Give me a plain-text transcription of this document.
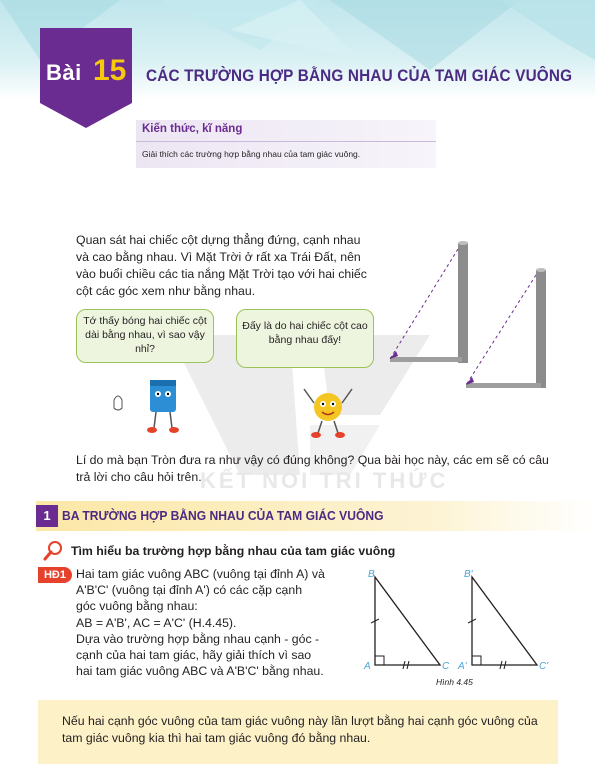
Bài 15 CÁC TRƯỜNG HỢP BẰNG NHAU CỦA TAM GIÁC VUÔNG
Kiến thức, kĩ năng
Giải thích các trường hợp bằng nhau của tam giác vuông.
KẾT NỐI TRI THỨC
Quan sát hai chiếc cột dựng thẳng đứng, cạnh nhau và cao bằng nhau. Vì Mặt Trời ở rất xa Trái Đất, nên vào buổi chiều các tia nắng Mặt Trời tạo với hai chiếc cột các góc xem như bằng nhau.
Tớ thấy bóng hai chiếc cột dài bằng nhau, vì sao vậy nhỉ?
Đấy là do hai chiếc cột cao bằng nhau đấy!
Lí do mà bạn Tròn đưa ra như vậy có đúng không? Qua bài học này, các em sẽ có câu trả lời cho câu hỏi trên.
1 BA TRƯỜNG HỢP BẰNG NHAU CỦA TAM GIÁC VUÔNG
Tìm hiểu ba trường hợp bằng nhau của tam giác vuông
HĐ1 Hai tam giác vuông ABC (vuông tại đỉnh A) và
A'B'C' (vuông tại đỉnh A') có các cặp cạnh
góc vuông bằng nhau:
AB = A'B', AC = A'C' (H.4.45).
Dựa vào trường hợp bằng nhau cạnh - góc -
cạnh của hai tam giác, hãy giải thích vì sao
hai tam giác vuông ABC và A'B'C' bằng nhau.
B
A	C
B'
A'	C'
Hình 4.45
Nếu hai cạnh góc vuông của tam giác vuông này lần lượt bằng hai cạnh góc vuông của tam giác vuông kia thì hai tam giác vuông đó bằng nhau.
